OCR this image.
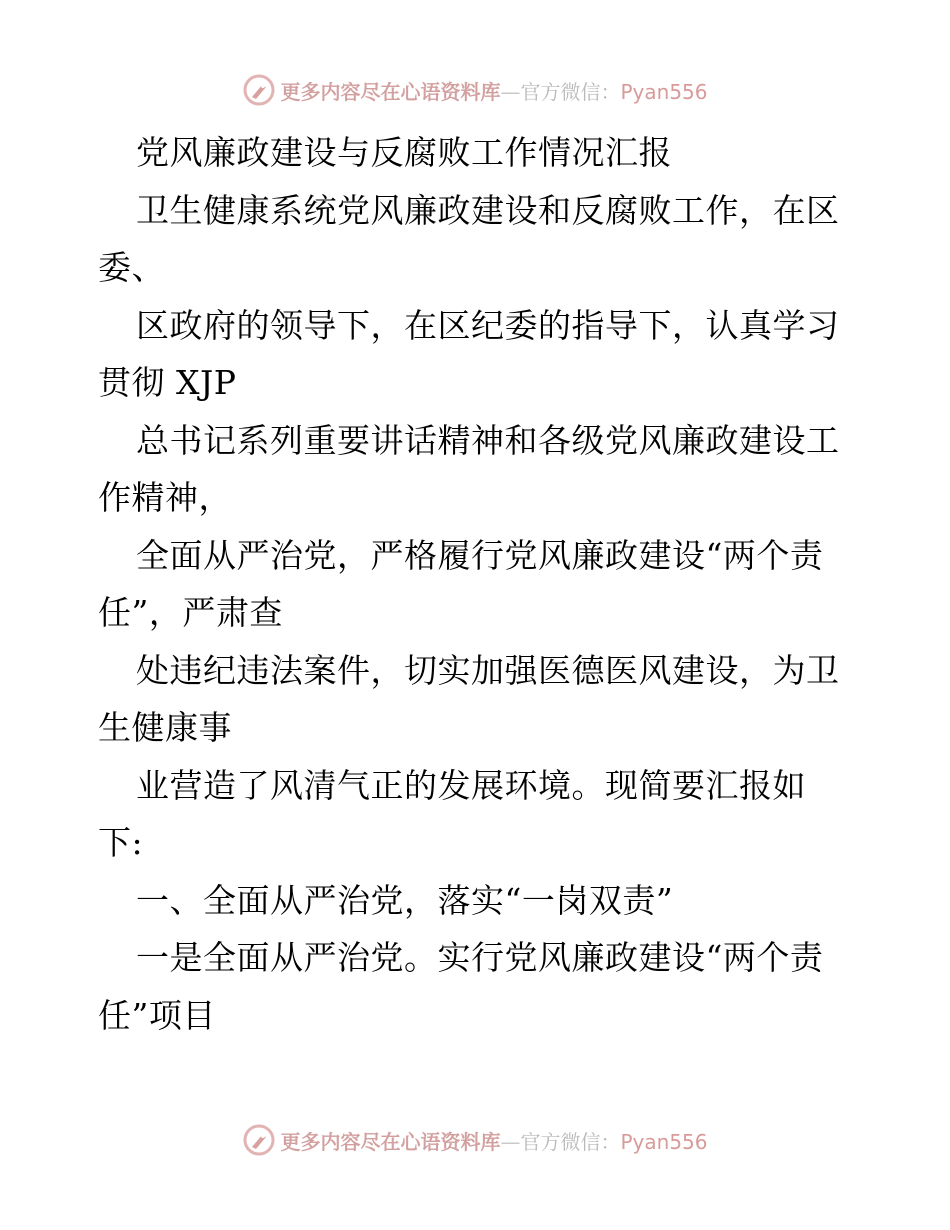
更多内容尽在心语资料库—官方微信：Pyan556
党风廉政建设与反腐败工作情况汇报
卫生健康系统党风廉政建设和反腐败工作，在区
委、
区政府的领导下，在区纪委的指导下，认真学习
贯彻 XJP
总书记系列重要讲话精神和各级党风廉政建设工
作精神，
全面从严治党，严格履行党风廉政建设“两个责
任”，严肃查
处违纪违法案件，切实加强医德医风建设，为卫
生健康事
业营造了风清气正的发展环境。现简要汇报如
下:
一、全面从严治党，落实“一岗双责”
一是全面从严治党。实行党风廉政建设“两个责
任”项目
更多内容尽在心语资料库—官方微信：Pyan556
